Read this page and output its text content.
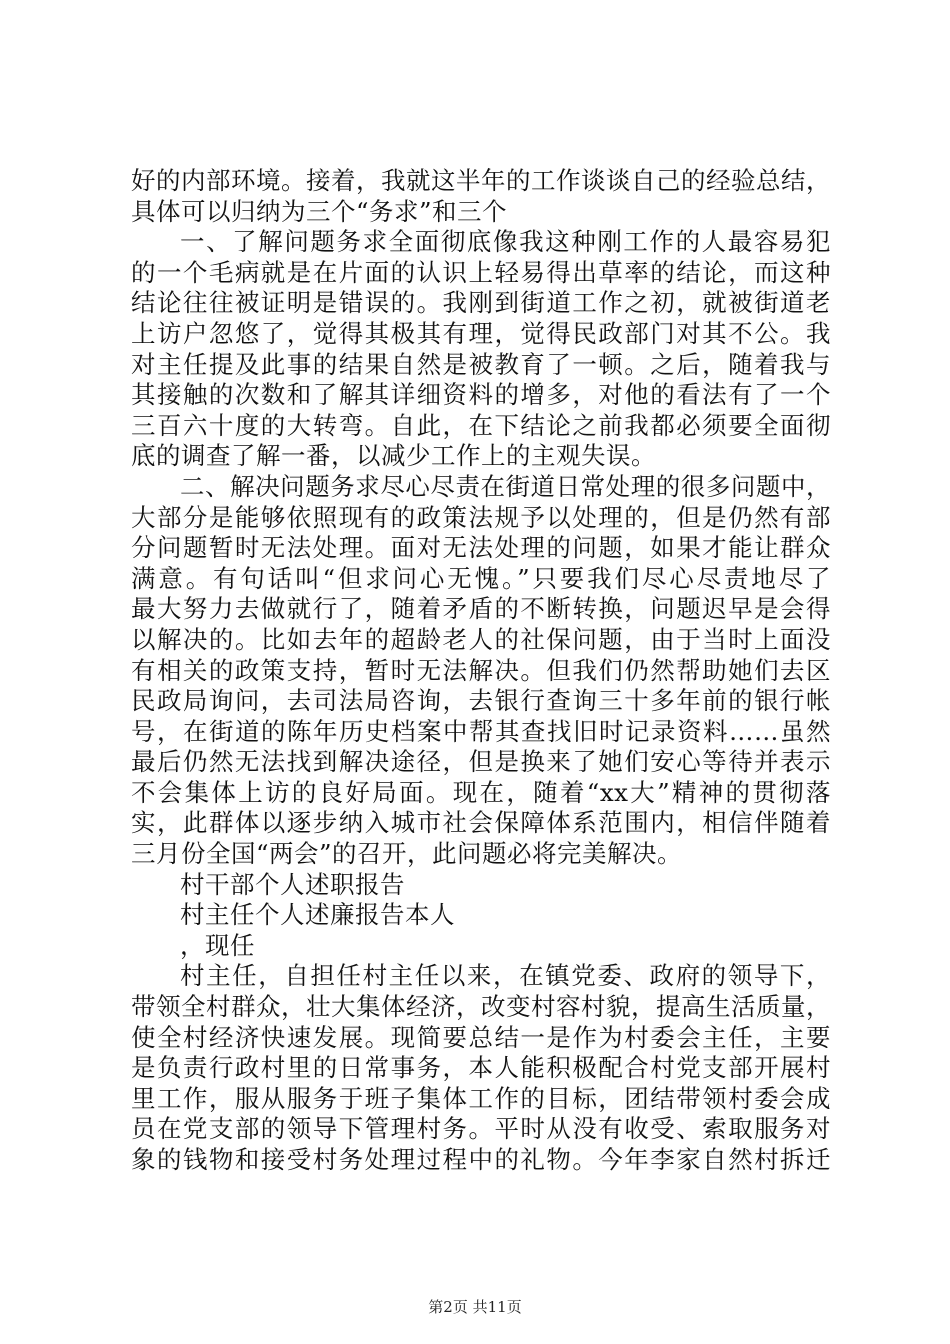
好的内部环境。接着，我就这半年的工作谈谈自己的经验总结，
具体可以归纳为三个“务求”和三个
一、了解问题务求全面彻底像我这种刚工作的人最容易犯
的一个毛病就是在片面的认识上轻易得出草率的结论，而这种
结论往往被证明是错误的。我刚到街道工作之初，就被街道老
上访户忽悠了，觉得其极其有理，觉得民政部门对其不公。我
对主任提及此事的结果自然是被教育了一顿。之后，随着我与
其接触的次数和了解其详细资料的增多，对他的看法有了一个
三百六十度的大转弯。自此，在下结论之前我都必须要全面彻
底的调查了解一番，以减少工作上的主观失误。
二、解决问题务求尽心尽责在街道日常处理的很多问题中，
大部分是能够依照现有的政策法规予以处理的，但是仍然有部
分问题暂时无法处理。面对无法处理的问题，如果才能让群众
满意。有句话叫“但求问心无愧。”只要我们尽心尽责地尽了
最大努力去做就行了，随着矛盾的不断转换，问题迟早是会得
以解决的。比如去年的超龄老人的社保问题，由于当时上面没
有相关的政策支持，暂时无法解决。但我们仍然帮助她们去区
民政局询问，去司法局咨询，去银行查询三十多年前的银行帐
号，在街道的陈年历史档案中帮其查找旧时记录资料……虽然
最后仍然无法找到解决途径，但是换来了她们安心等待并表示
不会集体上访的良好局面。现在，随着“xx大”精神的贯彻落
实，此群体以逐步纳入城市社会保障体系范围内，相信伴随着
三月份全国“两会”的召开，此问题必将完美解决。
村干部个人述职报告
村主任个人述廉报告本人
，现任
村主任，自担任村主任以来，在镇党委、政府的领导下，
带领全村群众，壮大集体经济，改变村容村貌，提高生活质量，
使全村经济快速发展。现简要总结一是作为村委会主任，主要
是负责行政村里的日常事务，本人能积极配合村党支部开展村
里工作，服从服务于班子集体工作的目标，团结带领村委会成
员在党支部的领导下管理村务。平时从没有收受、索取服务对
象的钱物和接受村务处理过程中的礼物。今年李家自然村拆迁
第2页 共11页
